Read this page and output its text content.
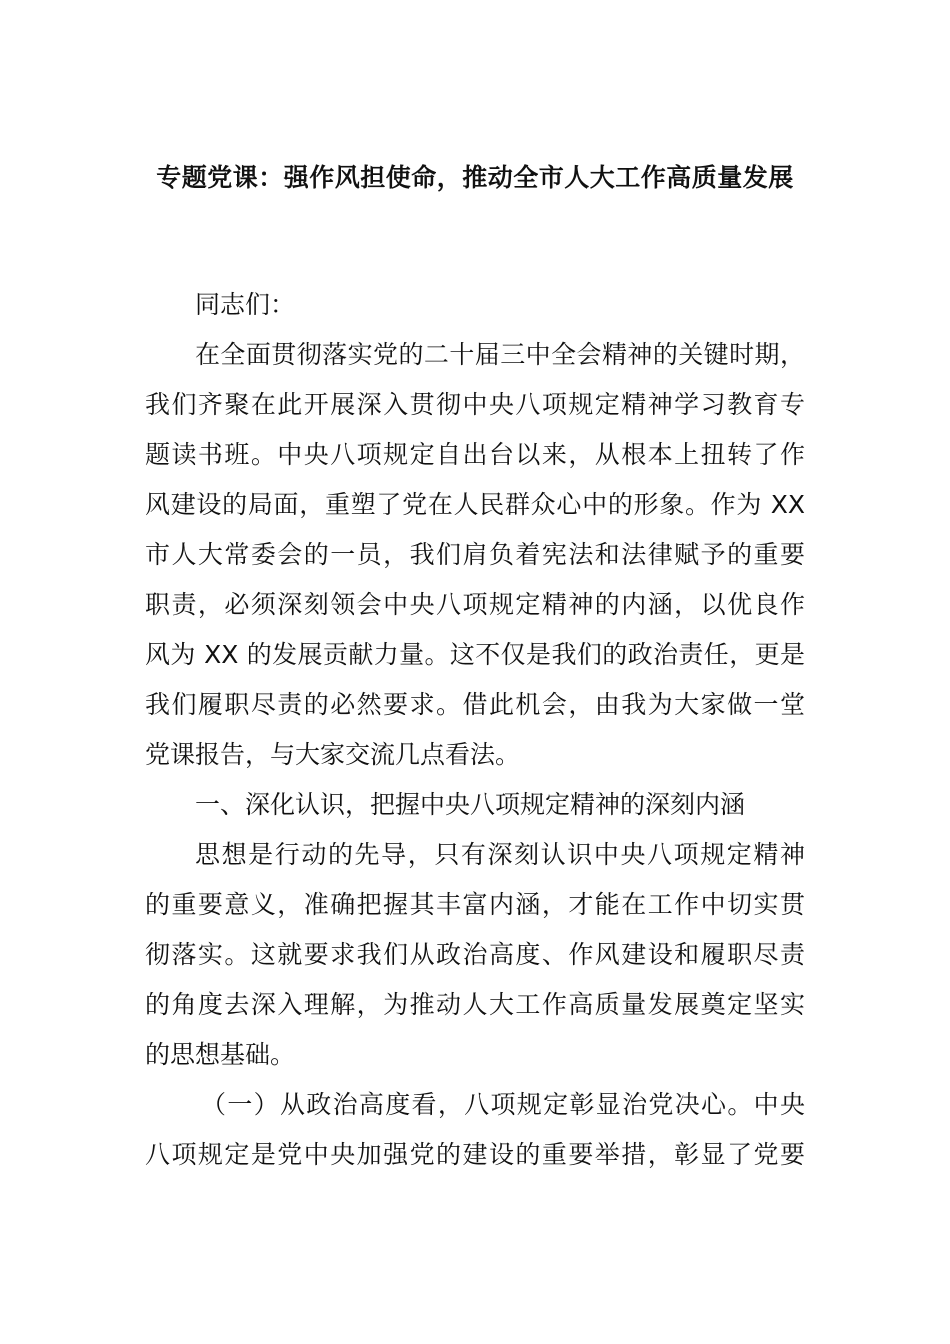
专题党课：强作风担使命，推动全市人大工作高质量发展
同志们：
在全面贯彻落实党的二十届三中全会精神的关键时期，
我们齐聚在此开展深入贯彻中央八项规定精神学习教育专
题读书班。中央八项规定自出台以来，从根本上扭转了作
风建设的局面，重塑了党在人民群众心中的形象。作为 XX
市人大常委会的一员，我们肩负着宪法和法律赋予的重要
职责，必须深刻领会中央八项规定精神的内涵，以优良作
风为 XX 的发展贡献力量。这不仅是我们的政治责任，更是
我们履职尽责的必然要求。借此机会，由我为大家做一堂
党课报告，与大家交流几点看法。
一、深化认识，把握中央八项规定精神的深刻内涵
思想是行动的先导，只有深刻认识中央八项规定精神
的重要意义，准确把握其丰富内涵，才能在工作中切实贯
彻落实。这就要求我们从政治高度、作风建设和履职尽责
的角度去深入理解，为推动人大工作高质量发展奠定坚实
的思想基础。
（一）从政治高度看，八项规定彰显治党决心。中央
八项规定是党中央加强党的建设的重要举措，彰显了党要
